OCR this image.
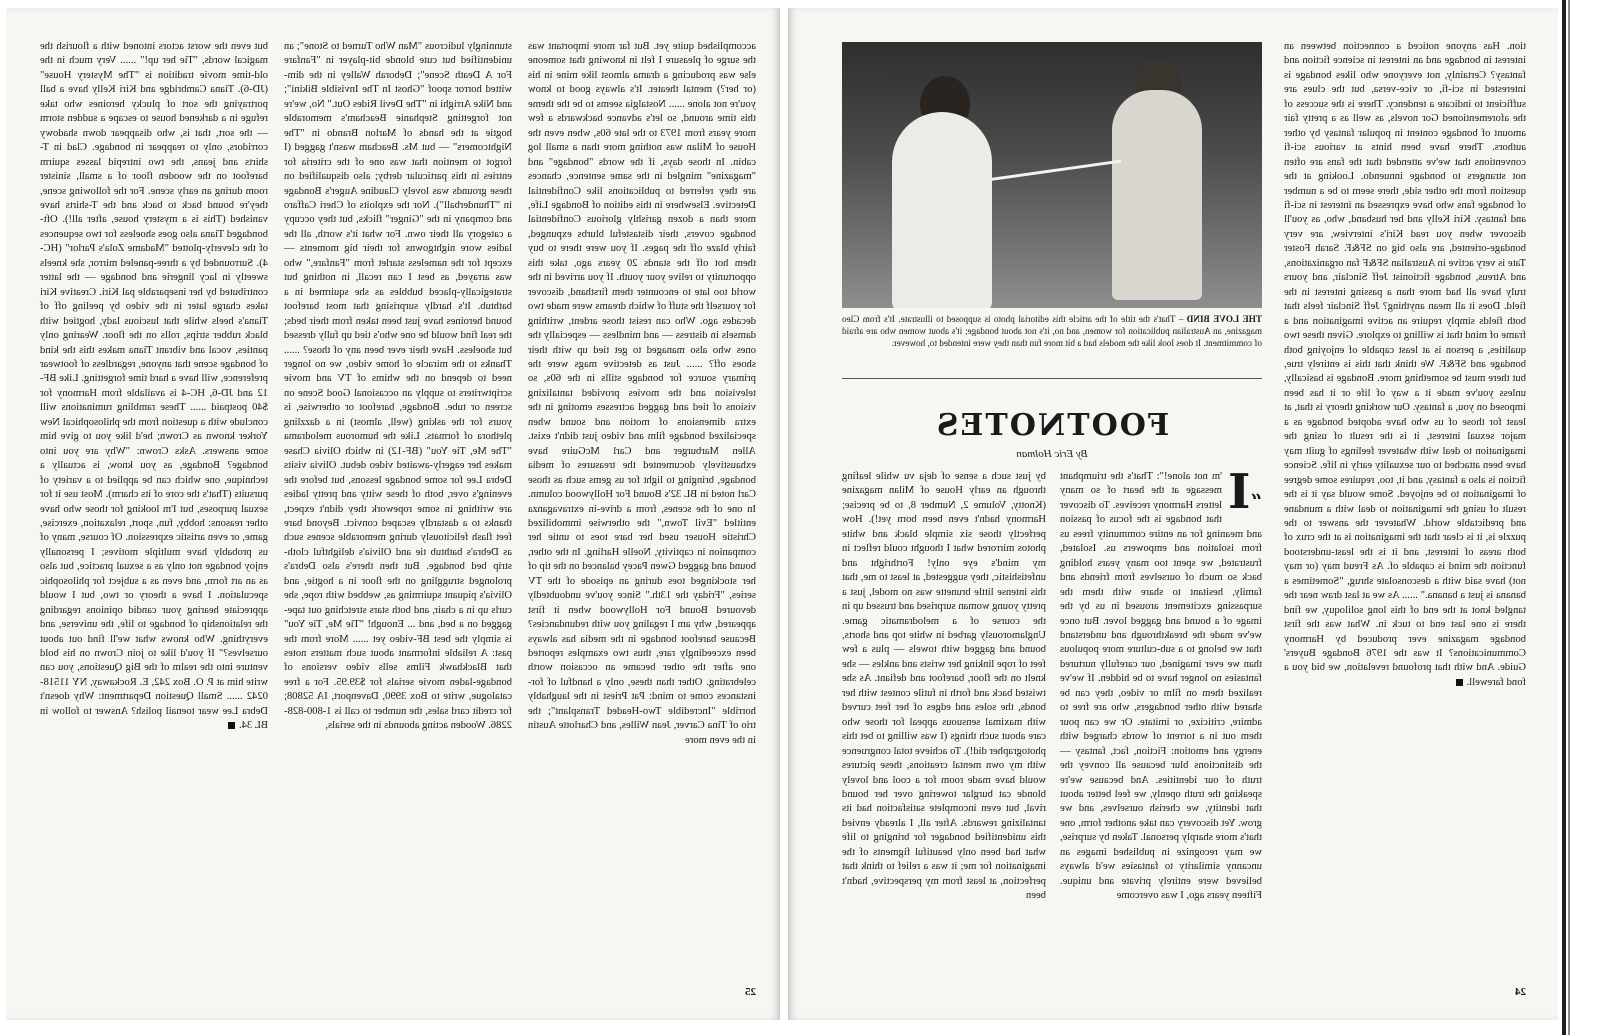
accomplished quite yet. But far more important was the surge of pleasure I felt in knowing that someone else was producing a drama almost like mine in his (or her?) mental theater. It's always good to know you're not alone ...... Nostalgia seems to be the theme this time around, so let's advance backwards a few more years from 1973 to the late 60s, when even the House of Milan was nothing more than a small log cabin. In those days, if the words "bondage" and "magazine" mingled in the same sentence, chances are they referred to publications like Confidential Detective. Elsewhere in this edition of Bondage Life, more than a dozen garishly glorious Confidential bondage covers, their distasteful blurbs expunged, fairly blaze off the pages. If you were there to buy them hot off the stands 20 years ago, take this opportunity to relive your youth. If you arrived in the world too late to encounter them firsthand, discover for yourself the stuff of which dreams were made two decades ago. Who can resist those ardent, writhing damsels in distress — and mindless — especially the ones who also managed to get tied up with their shoes off? ...... Just as detective mags were the primary source for bondage stills in the 60s, so television and the movies provided tantalizing visions of tied and gagged actresses emoting in the extra dimensions of motion and sound when specialized bondage film and video just didn't exist. Allen Marburger and Carl McGuire have exhaustively documented the treasures of media bondage, bringing to light for us gems such as those Carl noted in BL 32's Bound For Hollywood column. In one of the scenes, from a drive-in extravaganza entitled "Evil Town," the otherwise immobilized Christie Houser used her bare toes to untie her companion in captivity, Noelle Harling. In the other, bound and gagged Gwen Pacey balanced on the tip of her stockinged toes during an episode of the TV series, "Friday the 13th." Since you've undoubtedly devoured Bound For Hollywood when it first appeared, why am I regaling you with redundancies? Because barefoot bondage in the media has always been exceedingly rare, thus two examples reported one after the other became an occasion worth celebrating. Other than these, only a handful of for-instances come to mind: Pat Priest in the laughably horrible "Incredible Two-Headed Transplant"; the trio of Tina Carver, Jean Willes, and Charlotte Austin in the even more

stunningly ludicrous "Man Who Turned to Stone"; an unidentified but cute blonde bit-player in "Fanfare For A Death Scene"; Deborah Walley in the dim-witted horror spoof "Ghost In The Invisible Bikini"; and Nike Arrighi in "The Devil Rides Out." No, we're not forgetting Stephanie Beacham's memorable hogtie at the hands of Marlon Brando in "The Nightcomers" — but Ms. Beacham wasn't gagged (I forgot to mention that was one of the criteria for entries in this particular derby; also disqualified on these grounds was lovely Claudine Auger's Bondage in "Thunderball"). Nor the exploits of Cheri Caffaro and company in the "Ginger" flicks, but they occupy a category all their own. For what it's worth, all the ladies wore nightgowns for their big moments — except for the nameless starlet from "Fanfare," who was arrayed, as best I can recall, in nothing but strategically-placed bubbles as she squirmed in a bathtub. It's hardly surprising that most barefoot bound heroines have just been taken from their beds; the real find would be one who's tied up fully dressed but shoeless. Have their ever been any of those? ...... Thanks to the miracle of home video, we no longer need to depend on the whims of TV and movie scriptwriters to supply an occasional Good Scene on screen or tube. Bondage, barefoot or otherwise, is yours for the asking (well, almost) in a dazzling plethora of formats. Like the humorous melodrama "The Me, Tie You" (BF-12) in which Olivia Chase makes her eagerly-awaited video debut. Olivia visits Debra Lee for some bondage lessons, but before the evening's over, both of these witty and pretty ladies are writhing in some ropework they didn't expect, thanks to a dastardly escaped convict. Beyond bare feet flash felicitously during memorable scenes such as Debra's bathtub tie and Olivia's delightful cloth-strip bed bondage. But then there's also Debra's prolonged struggling on the floor in a hogtie, and Olivia's piquant squirming as, webbed with rope, she curls up in a chair, and both stars stretching out tape-gagged on a bed, and ... Enough! "Tie Me, Tie You" is simply the best BF-video yet ...... More from the past: A reliable informant about such matters notes that Blackhawk Films sells video versions of bondage-laden movie serials for $39.95. For a free catalogue, write to Box 3990, Davenport, IA 52808; for credit card sales, the number to call is 1-800-828-2286. Wooden acting abounds in the serials,

but even the worst actors intoned with a flourish the magical words, "Tie her up!" ...... Very much in the old-time movie tradition is "The Mystery House" (JD-6). Tiana Cambridge and Kiri Kelly have a ball portraying the sort of plucky heroines who take refuge in a darkened house to escape a sudden storm — the sort, that is, who disappear down shadowy corridors, only to reappear in bondage. Clad in T-shirts and jeans, the two intrepid lasses squirm barefoot on the wooden floor of a small, sinister room during an early scene. For the following scene, they're bound back to back and the T-shirts have vanished (This is a mystery house, after all!). Oft-bondaged Tiana also goes shoeless for two sequences of the cleverly-plotted "Madame Zola's Parlor" (HC-4). Surrounded by a three-paneled mirror, she kneels sweetly in lacy lingerie and bondage — the latter contributed by her inseparable pal Kiri. Creative Kiri takes charge later in the video by peeling off of Tiana's heels while that luscious lady, hogtied with black rubber strips, rolls on the floor. Wearing only panties, vocal and vibrant Tiana makes this the kind of bondage scene that anyone, regardless of footwear preference, will have a hard time forgetting. Like BF-12 and JD-6, HC-4 is available from Harmony for $40 postpaid ...... These rambling ruminations will conclude with a question from the philosophical New Yorker known as Crown; he'd like you to give him some answers. Asks Crown: "Why are you into bondage? Bondage, as you know, is actually a technique, one which can be applied to a variety of pursuits (That's the core of its charm). Most use it for sexual purposes, but I'm looking for those who have other reasons: hobby, fun, sport, relaxation, exercise, game, or even artistic expression. Of course, many of us probably have multiple motives; I personally enjoy bondage not only as a sexual practice, but also as an art form, and even as a subject for philosophic speculation. I have a theory or two, but I would appreciate hearing your candid opinions regarding the relationship of bondage to life, the universe, and everything. Who knows what we'll find out about ourselves?" If you'd like to join Crown on his bold venture into the realm of the Big Questions, you can write him at P. O. Box 242, E. Rockaway, NY 11518-0242 ...... Small Question Department: Why doesn't Debra Lee wear toenail polish? Answer to follow in BL 34.

25

tion. Has anyone noticed a connection between an interest in bondage and an interest in science fiction and fantasy? Certainly, not everyone who likes bondage is interested in sci-fi, or vice-versa, but the clues are sufficient to indicate a tendency. There is the success of the aforementioned Gor novels, as well as a pretty fair amount of bondage content in popular fantasy by other authors. There have been hints at various sci-fi conventions that we've attended that the fans are often not strangers to bondage innuendo. Looking at the question from the other side, there seem to be a number of bondage fans who have expressed an interest in sci-fi and fantasy. Kiri Kelly and her husband, who, as you'll discover when you read Kiri's interview, are very bondage-oriented, are also big on SF&F. Sarah Foster Tate is very active in Australian SF&F fan organizations, and Atreus, bondage fictionist Jeff Sinclair, and yours truly have all had more than a passing interest in the field. Does it all mean anything? Jeff Sinclair feels that both fields simply require an active imagination and a frame of mind that is willing to explore. Given these two qualities, a person is at least capable of enjoying both bondage and SF&F. We think that this is entirely true, but there must be something more. Bondage is basically, unless you've made it a way of life or it has been imposed on you, a fantasy. Our working theory is that, at least for those of us who have adopted bondage as a major sexual interest, it is the result of using the imagination to deal with whatever feelings of guilt may have been attached to our sexuality early in life. Science fiction is also a fantasy, and it, too, requires some degree of imagination to be enjoyed. Some would say it is the result of using the imagination to deal with a mundane and predictable world. Whatever the answer to the puzzle is, it is clear that the imagination is at the crux of both areas of interest, and it is the least-understood function the mind is capable of. As Freud may (or may not) have said with a desconsolate shrug, "Sometimes a banana is just a banana." ...... As we at last draw near the tangled knot at the end of this long soliloquy, we find there is one last end to tuck in. What was the first bondage magazine ever produced by Harmony Communications? It was the 1976 Bondage Buyers' Guide. And with that profound revelation, we bid you a fond farewell.

THE LOVE BIND – That's the title of the article this editorial photo is supposed to illustrate. It's from Cleo magazine, an Australian publication for women, and no, it's not about bondage; it's about women who are afraid of commitment. It does look like the models had a bit more fun than they were intended to, however.
FOOTNOTES
By Eric Holman

“I
'm not alone!": That's the triumphant message at the heart of so many letters Harmony receives. To discover that bondage is the focus of passion and meaning for an entire community frees us from isolation and empowers us. Isolated, frustrated, we spent too many years holding back so much of ourselves from friends and family, hesitant to share with them the surpassing excitement aroused in us by the image of a bound and gagged lover. But once we've made the breakthrough and understand that we belong to a sub-culture more populous than we ever imagined, our carefully nurtured fantasies no longer have to be hidden. If we've realized them on film or video, they can be shared with other bondagers, who are free to admire, criticize, or imitate. Or we can pour them out in a torrent of words charged with energy and emotion: Fiction, fact, fantasy — the distinctions blur because all convey the truth of our identities. And because we're speaking the truth openly, we feel better about that identity, we cherish ourselves, and we grow. Yet discovery can take another form, one that's more sharply personal. Taken by surprise, we may recognize in published images an uncanny similarity to fantasies we'd always believed were entirely private and unique. Fifteen years ago, I was overcome

by just such a sense of deja vu while leafing through an early House of Milan magazine (Knotty, Volume 2, Number 8, to be precise; Harmony hadn't even been born yet!). How perfectly those six simple black and white photos mirrored what I thought could reflect in my mind's eye only! Forthright and unfetishistic, they suggested, at least to me, that this intense little brunette was no model, just a pretty young woman surprised and trussed up in the course of a melodramatic game. Unglamorously garbed in white top and shorts, bound and gagged with towels — plus a few feet of rope linking her wrists and ankles — she knelt on the floor, barefoot and defiant. As she twisted back and forth in futile contest with her bonds, the soles and edges of her feet curved with maximal sensuous appeal for those who care about such things (I was willing to bet this photographer did!). To achieve total congruence with my own mental creations, these pictures would have made room for a cool and lovely blonde cat burglar towering over her bound rival, but even incomplete satisfaction had its tantalizing rewards. After all, I already envied this unidentified bondager for bringing to life what had been only beautiful figments of the imagination for me; it was a relief to think that perfection, at least from my perspective, hadn't been

24
